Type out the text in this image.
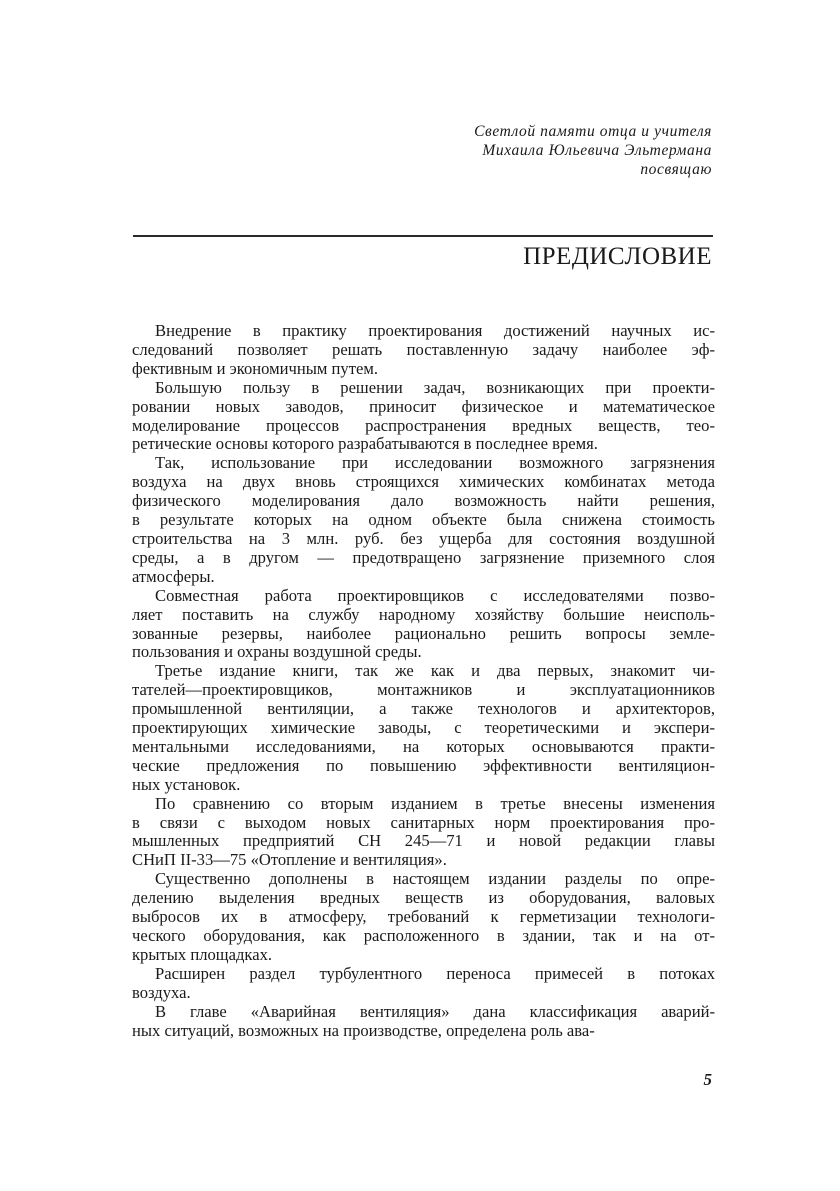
Светлой памяти отца и учителя
Михаила Юльевича Эльтермана
посвящаю
ПРЕДИСЛОВИЕ

Внедрение в практику проектирования достижений научных ис-
следований позволяет решать поставленную задачу наиболее эф-
фективным и экономичным путем.

Большую пользу в решении задач, возникающих при проекти-
ровании новых заводов, приносит физическое и математическое
моделирование процессов распространения вредных веществ, тео-
ретические основы которого разрабатываются в последнее время.

Так, использование при исследовании возможного загрязнения
воздуха на двух вновь строящихся химических комбинатах метода
физического моделирования дало возможность найти решения,
в результате которых на одном объекте была снижена стоимость
строительства на 3 млн. руб. без ущерба для состояния воздушной
среды, а в другом — предотвращено загрязнение приземного слоя
атмосферы.

Совместная работа проектировщиков с исследователями позво-
ляет поставить на службу народному хозяйству большие неисполь-
зованные резервы, наиболее рационально решить вопросы земле-
пользования и охраны воздушной среды.

Третье издание книги, так же как и два первых, знакомит чи-
тателей—проектировщиков, монтажников и эксплуатационников
промышленной вентиляции, а также технологов и архитекторов,
проектирующих химические заводы, с теоретическими и экспери-
ментальными исследованиями, на которых основываются практи-
ческие предложения по повышению эффективности вентиляцион-
ных установок.

По сравнению со вторым изданием в третье внесены изменения
в связи с выходом новых санитарных норм проектирования про-
мышленных предприятий СН 245—71 и новой редакции главы
СНиП II-33—75 «Отопление и вентиляция».

Существенно дополнены в настоящем издании разделы по опре-
делению выделения вредных веществ из оборудования, валовых
выбросов их в атмосферу, требований к герметизации технологи-
ческого оборудования, как расположенного в здании, так и на от-
крытых площадках.

Расширен раздел турбулентного переноса примесей в потоках
воздуха.

В главе «Аварийная вентиляция» дана классификация аварий-
ных ситуаций, возможных на производстве, определена роль ава-

5
